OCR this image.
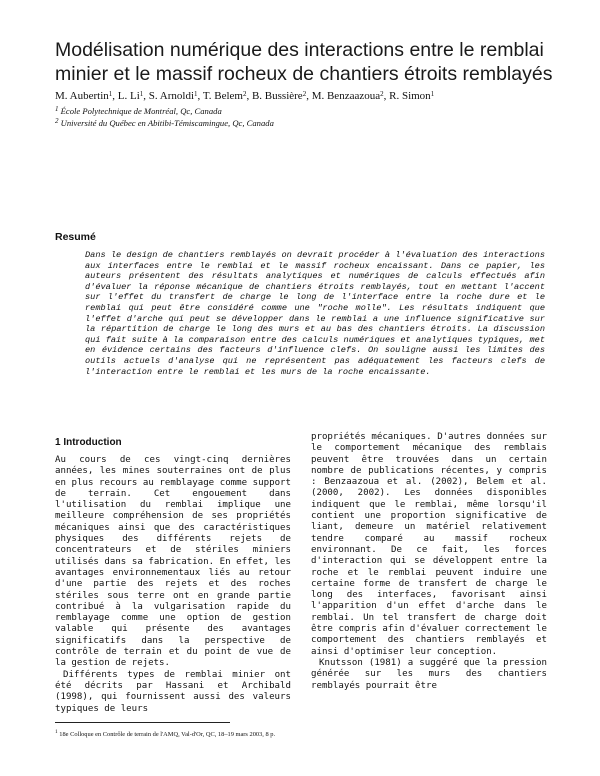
Modélisation numérique des interactions entre le remblai minier et le massif rocheux de chantiers étroits remblayés
M. Aubertin$^1$, L. Li$^1$, S. Arnoldi$^1$, T. Belem$^2$, B. Bussière$^2$, M. Benzaazoua$^2$, R. Simon$^1$
$^1$ École Polytechnique de Montréal, Qc, Canada
$^2$ Université du Québec en Abitibi-Témiscamingue, Qc, Canada
Resumé

Dans le design de chantiers remblayés on devrait procéder à l'évaluation des interactions aux interfaces entre le remblai et le massif rocheux encaissant. Dans ce papier, les auteurs présentent des résultats analytiques et numériques de calculs effectués afin d'évaluer la réponse mécanique de chantiers étroits remblayés, tout en mettant l'accent sur l'effet du transfert de charge le long de l'interface entre la roche dure et le remblai qui peut être considéré comme une "roche molle". Les résultats indiquent que l'effet d'arche qui peut se développer dans le remblai a une influence significative sur la répartition de charge le long des murs et au bas des chantiers étroits. La discussion qui fait suite à la comparaison entre des calculs numériques et analytiques typiques, met en évidence certains des facteurs d'influence clefs. On souligne aussi les limites des outils actuels d'analyse qui ne représentent pas adéquatement les facteurs clefs de l'interaction entre le remblai et les murs de la roche encaissante.

1 Introduction

Au cours de ces vingt-cinq dernières années, les mines souterraines ont de plus en plus recours au remblayage comme support de terrain. Cet engouement dans l'utilisation du remblai implique une meilleure compréhension de ses propriétés mécaniques ainsi que des caractéristiques physiques des différents rejets de concentrateurs et de stériles miniers utilisés dans sa fabrication. En effet, les avantages environnementaux liés au retour d'une partie des rejets et des roches stériles sous terre ont en grande partie contribué à la vulgarisation rapide du remblayage comme une option de gestion valable qui présente des avantages significatifs dans la perspective de contrôle de terrain et du point de vue de la gestion de rejets.

Différents types de remblai minier ont été décrits par Hassani et Archibald (1998), qui fournissent aussi des valeurs typiques de leurs

propriétés mécaniques. D'autres données sur le comportement mécanique des remblais peuvent être trouvées dans un certain nombre de publications récentes, y compris : Benzaazoua et al. (2002), Belem et al. (2000, 2002). Les données disponibles indiquent que le remblai, même lorsqu'il contient une proportion significative de liant, demeure un matériel relativement tendre comparé au massif rocheux environnant. De ce fait, les forces d'interaction qui se développent entre la roche et le remblai peuvent induire une certaine forme de transfert de charge le long des interfaces, favorisant ainsi l'apparition d'un effet d'arche dans le remblai. Un tel transfert de charge doit être compris afin d'évaluer correctement le comportement des chantiers remblayés et ainsi d'optimiser leur conception.

Knutsson (1981) a suggéré que la pression générée sur les murs des chantiers remblayés pourrait être

$^1$ 18e Colloque en Contrôle de terrain de l'AMQ, Val-d'Or, QC, 18–19 mars 2003, 8 p.
